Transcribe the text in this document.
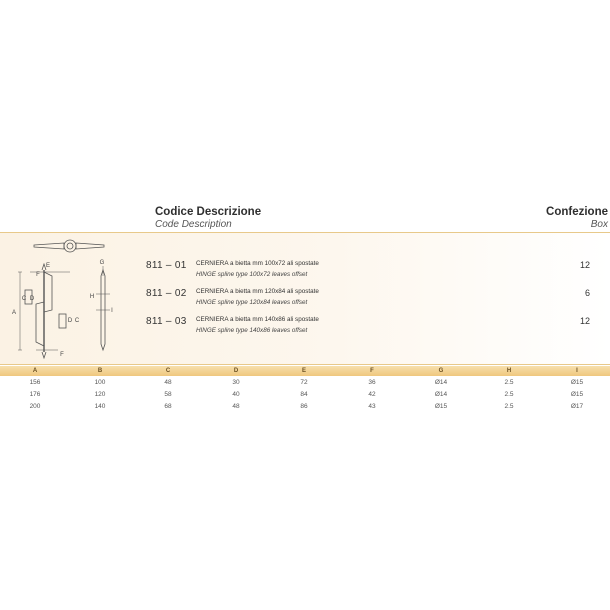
Codice Descrizione
Code Description
Confezione
Box
E
F
A
C D
D C
F
G
H
I
811 – 01 CERNIERA a bietta mm 100x72 ali spostate
HINGE spline type 100x72 leaves offset
12
811 – 02 CERNIERA a bietta mm 120x84 ali spostate
HINGE spline type 120x84 leaves offset
6
811 – 03 CERNIERA a bietta mm 140x86 ali spostate
HINGE spline type 140x86 leaves offset
12
A	B	C	D	E	F	G	H	I
156	100	48	30	72	36	Ø14	2.5	Ø15
176	120	58	40	84	42	Ø14	2.5	Ø15
200	140	68	48	86	43	Ø15	2.5	Ø17
